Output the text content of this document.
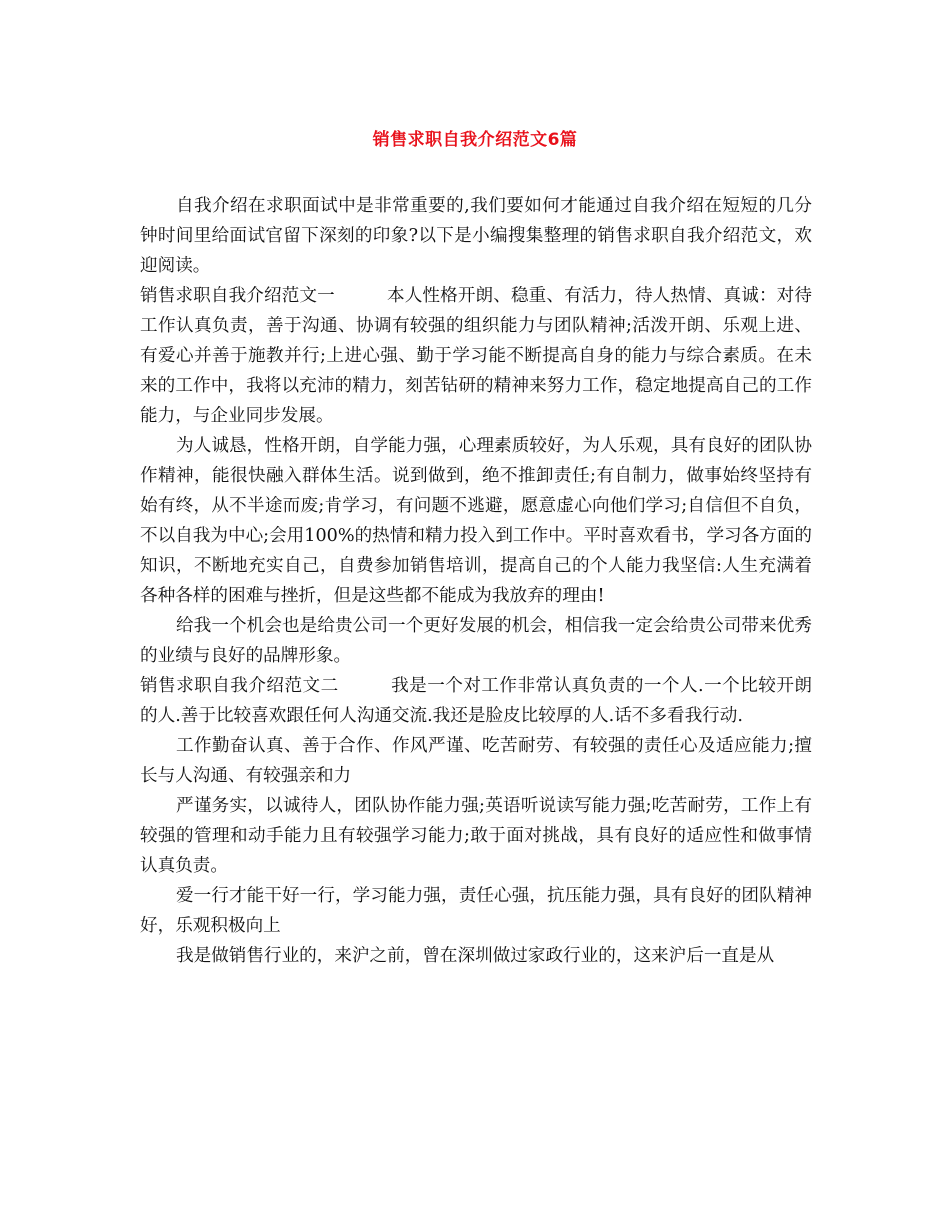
销售求职自我介绍范文6篇

自我介绍在求职面试中是非常重要的,我们要如何才能通过自我介绍在短短的几分钟时间里给面试官留下深刻的印象?以下是小编搜集整理的销售求职自我介绍范文，欢迎阅读。

销售求职自我介绍范文一	本人性格开朗、稳重、有活力，待人热情、真诚：对待工作认真负责，善于沟通、协调有较强的组织能力与团队精神;活泼开朗、乐观上进、有爱心并善于施教并行;上进心强、勤于学习能不断提高自身的能力与综合素质。在未来的工作中，我将以充沛的精力，刻苦钻研的精神来努力工作，稳定地提高自己的工作能力，与企业同步发展。

为人诚恳，性格开朗，自学能力强，心理素质较好，为人乐观，具有良好的团队协作精神，能很快融入群体生活。说到做到，绝不推卸责任;有自制力，做事始终坚持有始有终，从不半途而废;肯学习，有问题不逃避，愿意虚心向他们学习;自信但不自负，不以自我为中心;会用100%的热情和精力投入到工作中。平时喜欢看书，学习各方面的知识，不断地充实自己，自费参加销售培训，提高自己的个人能力我坚信:人生充满着各种各样的困难与挫折，但是这些都不能成为我放弃的理由!

给我一个机会也是给贵公司一个更好发展的机会，相信我一定会给贵公司带来优秀的业绩与良好的品牌形象。

销售求职自我介绍范文二	我是一个对工作非常认真负责的一个人.一个比较开朗的人.善于比较喜欢跟任何人沟通交流.我还是脸皮比较厚的人.话不多看我行动.

工作勤奋认真、善于合作、作风严谨、吃苦耐劳、有较强的责任心及适应能力;擅长与人沟通、有较强亲和力

严谨务实，以诚待人，团队协作能力强;英语听说读写能力强;吃苦耐劳，工作上有较强的管理和动手能力且有较强学习能力;敢于面对挑战，具有良好的适应性和做事情认真负责。

爱一行才能干好一行，学习能力强，责任心强，抗压能力强，具有良好的团队精神好，乐观积极向上

我是做销售行业的，来沪之前，曾在深圳做过家政行业的，这来沪后一直是从
